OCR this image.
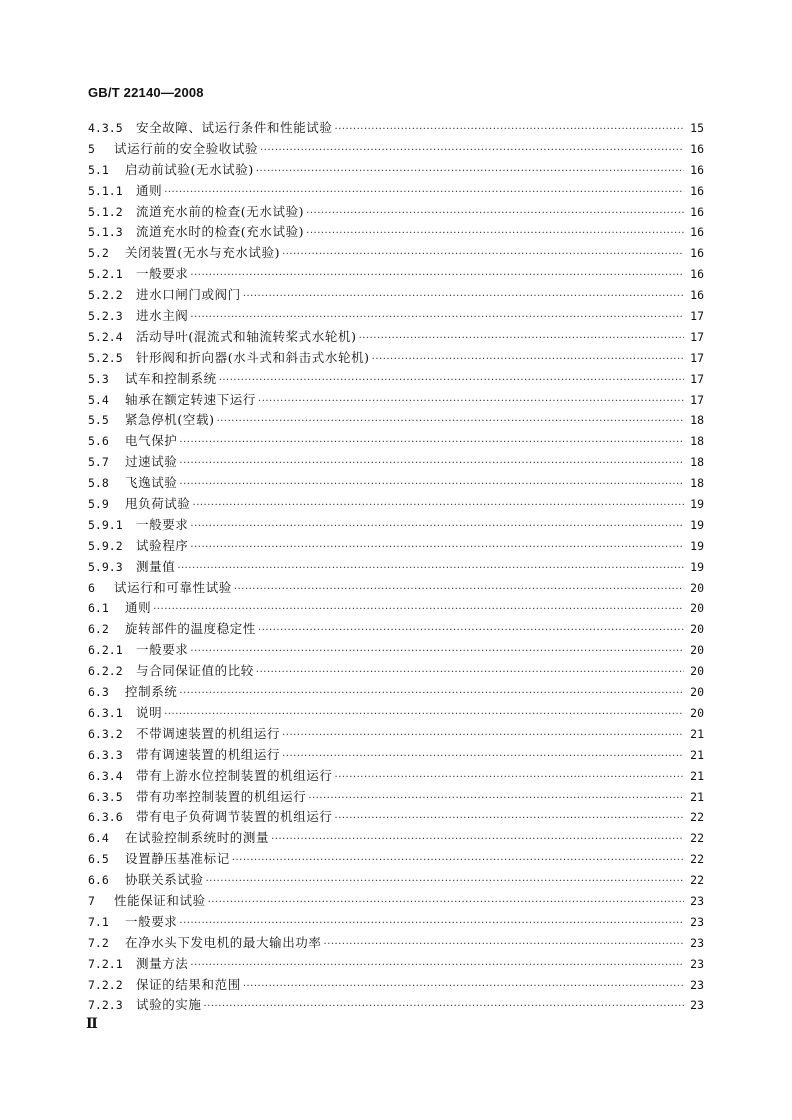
GB/T 22140—2008
4.3.5	安全故障、试运行条件和性能试验 ·····	15
5	试运行前的安全验收试验 ·····	16
5.1	启动前试验(无水试验) ·····	16
5.1.1	通则 ·····	16
5.1.2	流道充水前的检查(无水试验) ·····	16
5.1.3	流道充水时的检查(充水试验) ·····	16
5.2	关闭装置(无水与充水试验) ·····	16
5.2.1	一般要求 ·····	16
5.2.2	进水口闸门或阀门 ·····	16
5.2.3	进水主阀 ·····	17
5.2.4	活动导叶(混流式和轴流转桨式水轮机) ·····	17
5.2.5	针形阀和折向器(水斗式和斜击式水轮机) ·····	17
5.3	试车和控制系统 ·····	17
5.4	轴承在额定转速下运行 ·····	17
5.5	紧急停机(空载) ·····	18
5.6	电气保护 ·····	18
5.7	过速试验 ·····	18
5.8	飞逸试验 ·····	18
5.9	甩负荷试验 ·····	19
5.9.1	一般要求 ·····	19
5.9.2	试验程序 ·····	19
5.9.3	测量值 ·····	19
6	试运行和可靠性试验 ·····	20
6.1	通则 ·····	20
6.2	旋转部件的温度稳定性 ·····	20
6.2.1	一般要求 ·····	20
6.2.2	与合同保证值的比较 ·····	20
6.3	控制系统 ·····	20
6.3.1	说明 ·····	20
6.3.2	不带调速装置的机组运行 ·····	21
6.3.3	带有调速装置的机组运行 ·····	21
6.3.4	带有上游水位控制装置的机组运行 ·····	21
6.3.5	带有功率控制装置的机组运行 ·····	21
6.3.6	带有电子负荷调节装置的机组运行 ·····	22
6.4	在试验控制系统时的测量 ·····	22
6.5	设置静压基准标记 ·····	22
6.6	协联关系试验 ·····	22
7	性能保证和试验 ·····	23
7.1	一般要求 ·····	23
7.2	在净水头下发电机的最大输出功率 ·····	23
7.2.1	测量方法 ·····	23
7.2.2	保证的结果和范围 ·····	23
7.2.3	试验的实施 ·····	23
Ⅱ
